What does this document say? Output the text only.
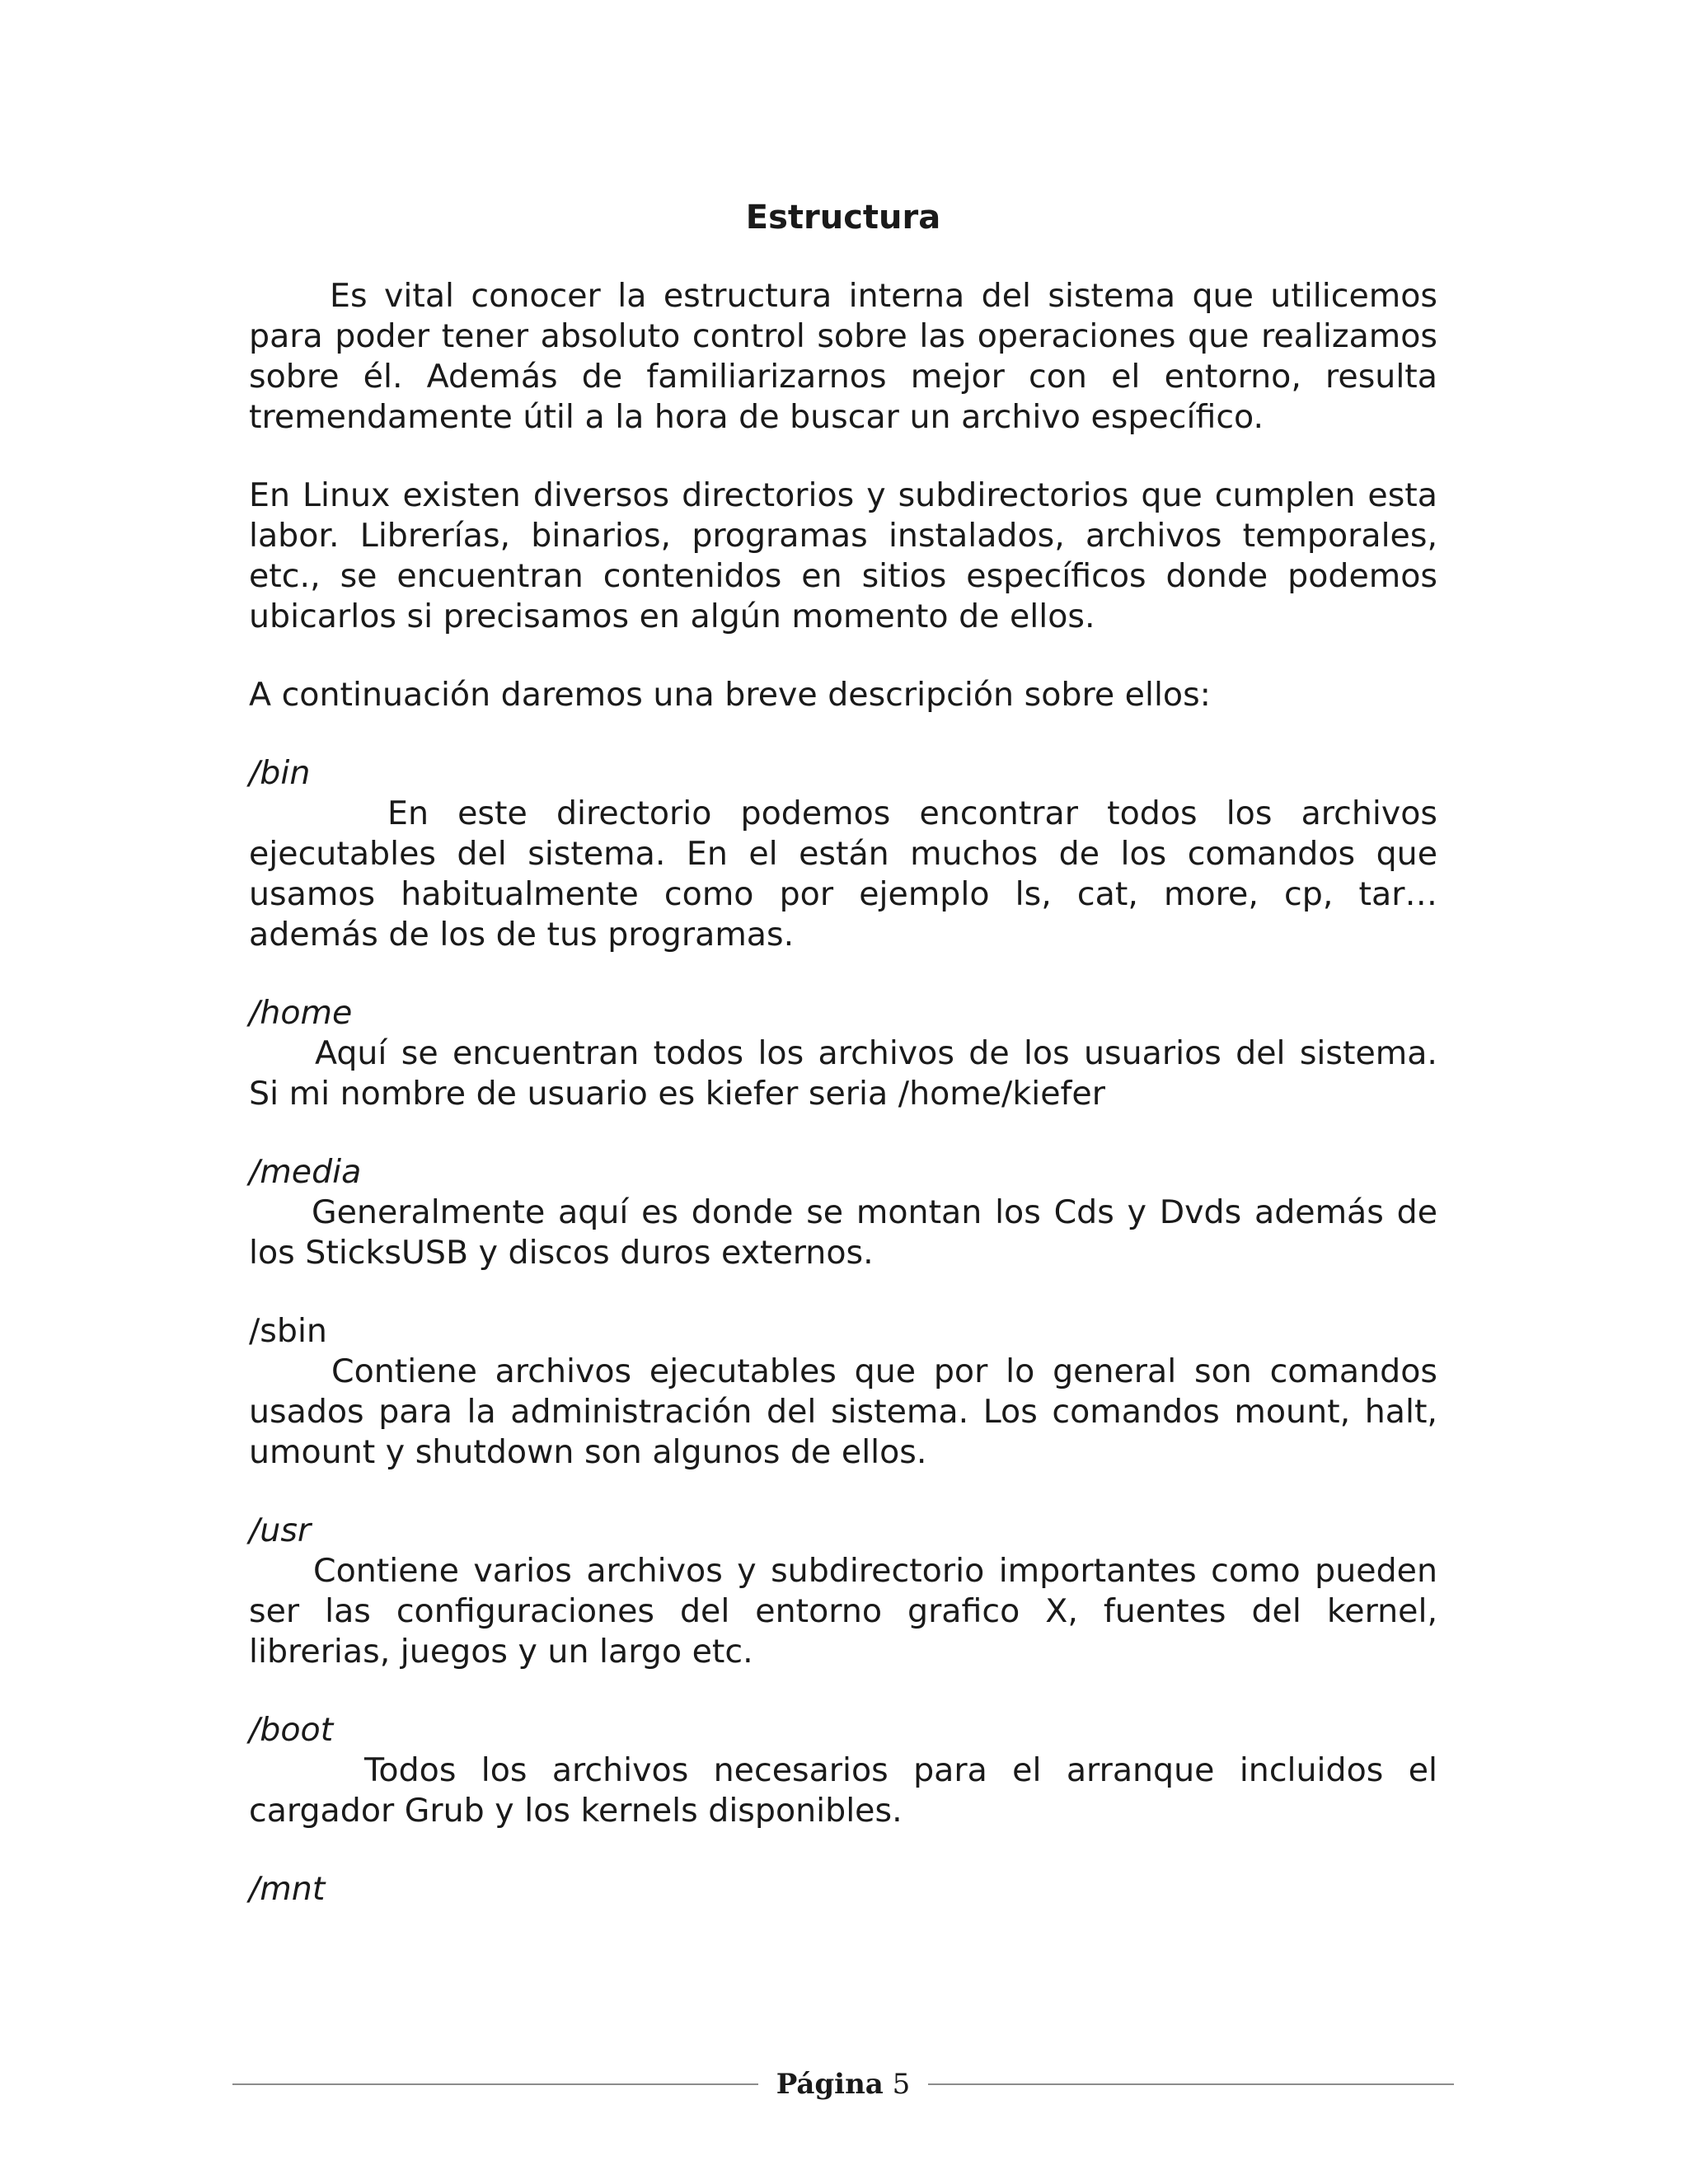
Estructura

Es vital conocer la estructura interna del sistema que utilicemos para poder tener absoluto control sobre las operaciones que realizamos sobre él. Además de familiarizarnos mejor con el entorno, resulta tremendamente útil a la hora de buscar un archivo específico.

En Linux existen diversos directorios y subdirectorios que cumplen esta labor. Librerías, binarios, programas instalados, archivos temporales, etc., se encuentran contenidos en sitios específicos donde podemos ubicarlos si precisamos en algún momento de ellos.

A continuación daremos una breve descripción sobre ellos:

/bin

En este directorio podemos encontrar todos los archivos ejecutables del sistema. En el están muchos de los comandos que usamos habitualmente como por ejemplo ls, cat, more, cp, tar… además de los de tus programas.

/home

Aquí se encuentran todos los archivos de los usuarios del sistema. Si mi nombre de usuario es kiefer seria /home/kiefer

/media

Generalmente aquí es donde se montan los Cds y Dvds además de los SticksUSB y discos duros externos.

/sbin

Contiene archivos ejecutables que por lo general son comandos usados para la administración del sistema. Los comandos mount, halt, umount y shutdown son algunos de ellos.

/usr

Contiene varios archivos y subdirectorio importantes como pueden ser las configuraciones del entorno grafico X, fuentes del kernel, librerias, juegos y un largo etc.

/boot

Todos los archivos necesarios para el arranque incluidos el cargador Grub y los kernels disponibles.

/mnt

Página 5
